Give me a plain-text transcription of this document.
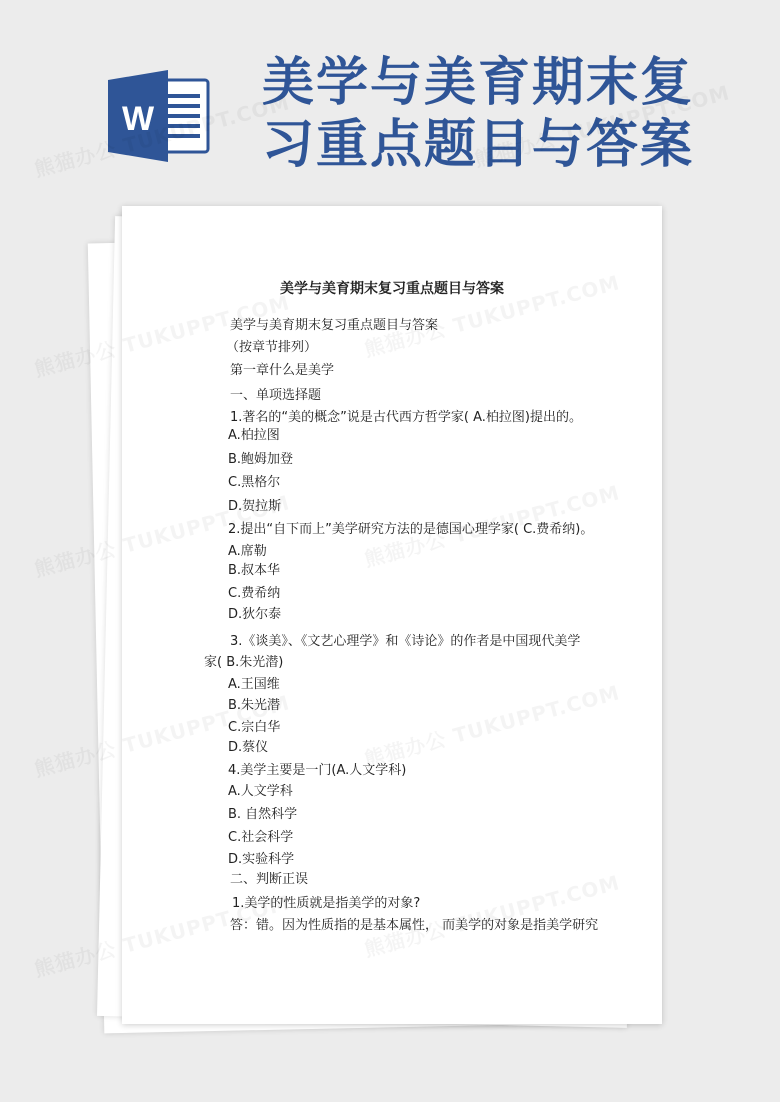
W
美学与美育期末复
习重点题目与答案
美学与美育期末复习重点题目与答案
美学与美育期末复习重点题目与答案
（按章节排列）
第一章什么是美学
一、单项选择题
1.著名的“美的概念”说是古代西方哲学家( A.柏拉图)提出的。
A.柏拉图
B.鲍姆加登
C.黑格尔
D.贺拉斯
2.提出“自下而上”美学研究方法的是德国心理学家( C.费希纳)。
A.席勒
B.叔本华
C.费希纳
D.狄尔泰
3.《谈美》、《文艺心理学》和《诗论》的作者是中国现代美学
家( B.朱光潜)
A.王国维
B.朱光潜
C.宗白华
D.蔡仪
4.美学主要是一门(A.人文学科)
A.人文学科
B. 自然科学
C.社会科学
D.实验科学
二、判断正误
1.美学的性质就是指美学的对象?
答：错。因为性质指的是基本属性， 而美学的对象是指美学研究
